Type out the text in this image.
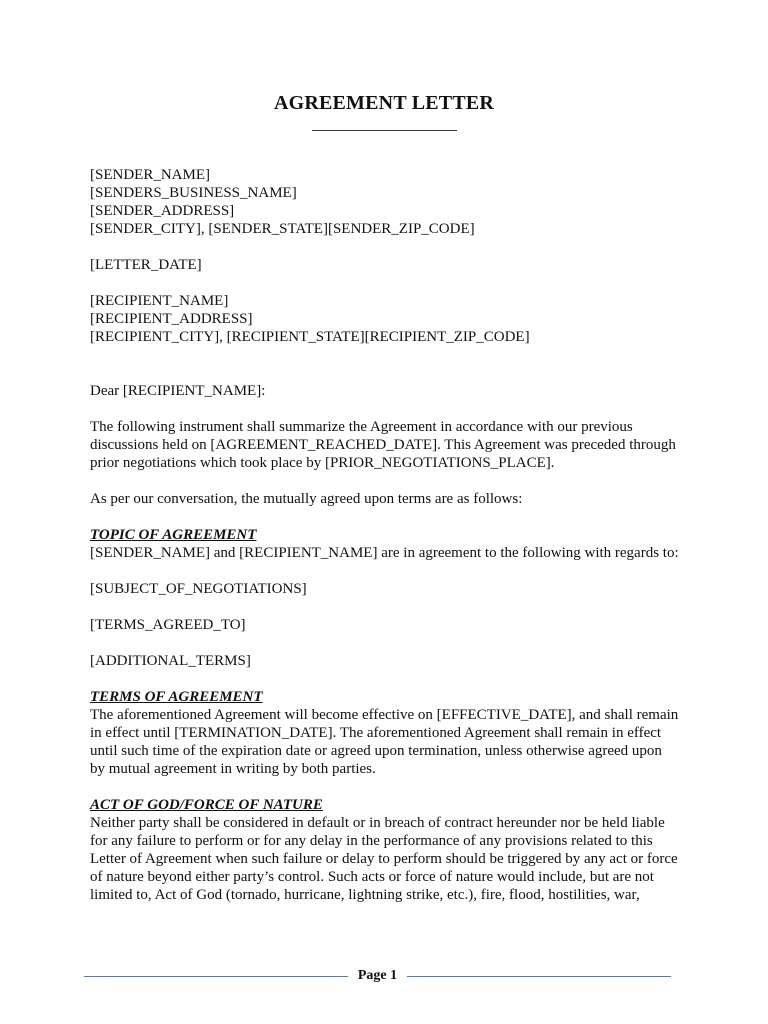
AGREEMENT LETTER
[SENDER_NAME]
[SENDERS_BUSINESS_NAME]
[SENDER_ADDRESS]
[SENDER_CITY], [SENDER_STATE][SENDER_ZIP_CODE]
[LETTER_DATE]
[RECIPIENT_NAME]
[RECIPIENT_ADDRESS]
[RECIPIENT_CITY], [RECIPIENT_STATE][RECIPIENT_ZIP_CODE]
Dear [RECIPIENT_NAME]:
The following instrument shall summarize the Agreement in accordance with our previous discussions held on [AGREEMENT_REACHED_DATE]. This Agreement was preceded through prior negotiations which took place by [PRIOR_NEGOTIATIONS_PLACE].
As per our conversation, the mutually agreed upon terms are as follows:
TOPIC OF AGREEMENT
[SENDER_NAME] and [RECIPIENT_NAME] are in agreement to the following with regards to:
[SUBJECT_OF_NEGOTIATIONS]
[TERMS_AGREED_TO]
[ADDITIONAL_TERMS]
TERMS OF AGREEMENT
The aforementioned Agreement will become effective on [EFFECTIVE_DATE], and shall remain in effect until [TERMINATION_DATE]. The aforementioned Agreement shall remain in effect until such time of the expiration date or agreed upon termination, unless otherwise agreed upon by mutual agreement in writing by both parties.
ACT OF GOD/FORCE OF NATURE
Neither party shall be considered in default or in breach of contract hereunder nor be held liable for any failure to perform or for any delay in the performance of any provisions related to this Letter of Agreement when such failure or delay to perform should be triggered by any act or force of nature beyond either party’s control. Such acts or force of nature would include, but are not limited to, Act of God (tornado, hurricane, lightning strike, etc.), fire, flood, hostilities, war,
Page 1
